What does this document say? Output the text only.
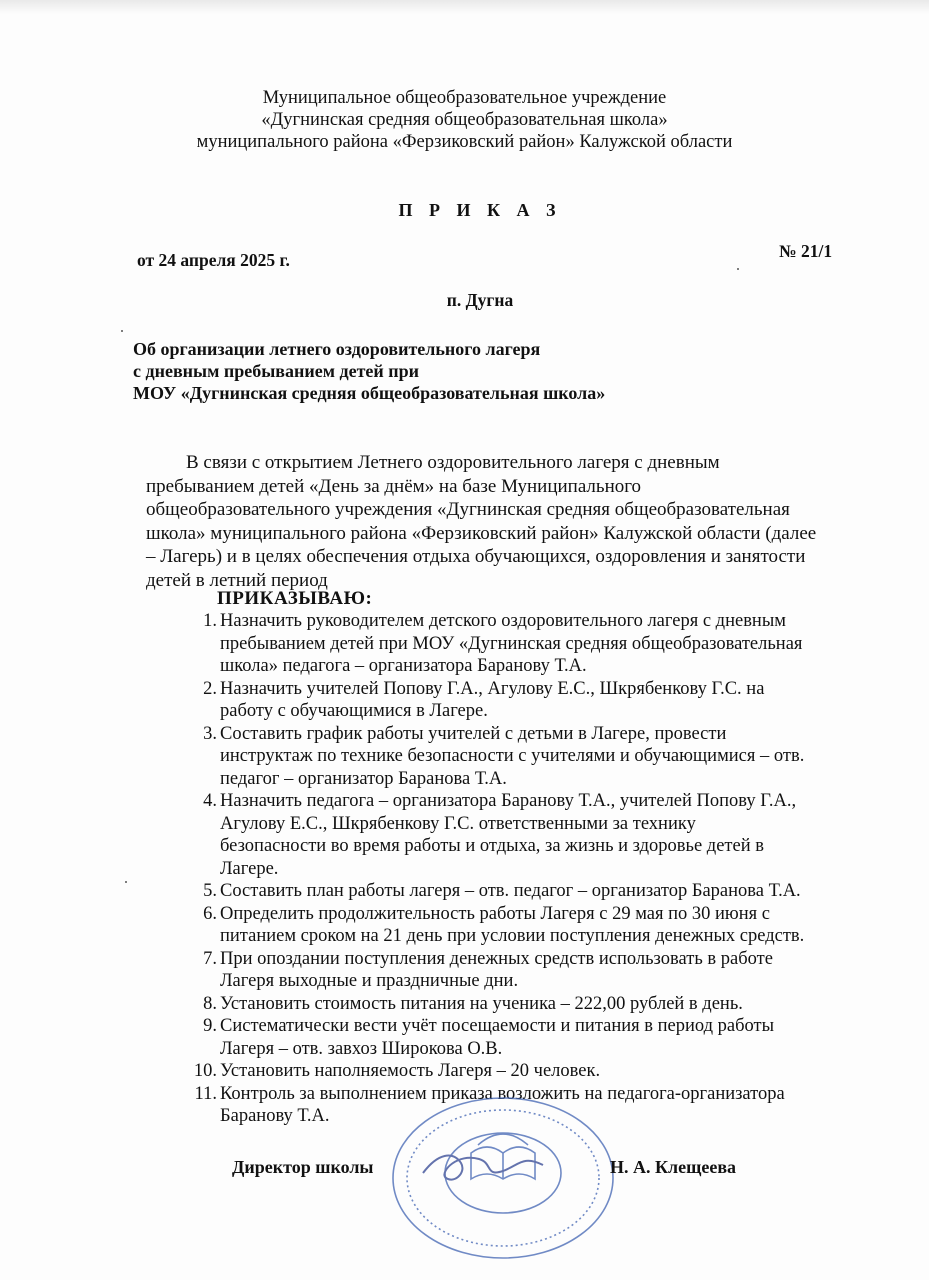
Муниципальное общеобразовательное учреждение
«Дугнинская средняя общеобразовательная школа»
муниципального района «Ферзиковский район» Калужской области
П Р И К А З
от 24 апреля 2025 г.	№ 21/1
п. Дугна
Об организации летнего оздоровительного лагеря
с дневным пребыванием детей при
МОУ «Дугнинская средняя общеобразовательная школа»
В связи с открытием Летнего оздоровительного лагеря с дневным
пребыванием детей «День за днём» на базе Муниципального
общеобразовательного учреждения «Дугнинская средняя общеобразовательная
школа» муниципального района «Ферзиковский район» Калужской области (далее
– Лагерь) и в целях обеспечения отдыха обучающихся, оздоровления и занятости
детей в летний период
ПРИКАЗЫВАЮ:
1. Назначить руководителем детского оздоровительного лагеря с дневным
пребыванием детей при МОУ «Дугнинская средняя общеобразовательная
школа» педагога – организатора Баранову Т.А.
2. Назначить учителей Попову Г.А., Агулову Е.С., Шкрябенкову Г.С. на
работу с обучающимися в Лагере.
3. Составить график работы учителей с детьми в Лагере, провести
инструктаж по технике безопасности с учителями и обучающимися – отв.
педагог – организатор Баранова Т.А.
4. Назначить педагога – организатора Баранову Т.А., учителей Попову Г.А.,
Агулову Е.С., Шкрябенкову Г.С. ответственными за технику
безопасности во время работы и отдыха, за жизнь и здоровье детей в
Лагере.
5. Составить план работы лагеря – отв. педагог – организатор Баранова Т.А.
6. Определить продолжительность работы Лагеря с 29 мая по 30 июня с
питанием сроком на 21 день при условии поступления денежных средств.
7. При опоздании поступления денежных средств использовать в работе
Лагеря выходные и праздничные дни.
8. Установить стоимость питания на ученика – 222,00 рублей в день.
9. Систематически вести учёт посещаемости и питания в период работы
Лагеря – отв. завхоз Широкова О.В.
10. Установить наполняемость Лагеря – 20 человек.
11. Контроль за выполнением приказа возложить на педагога-организатора
Баранову Т.А.
Директор школы	Н. А. Клещеева
